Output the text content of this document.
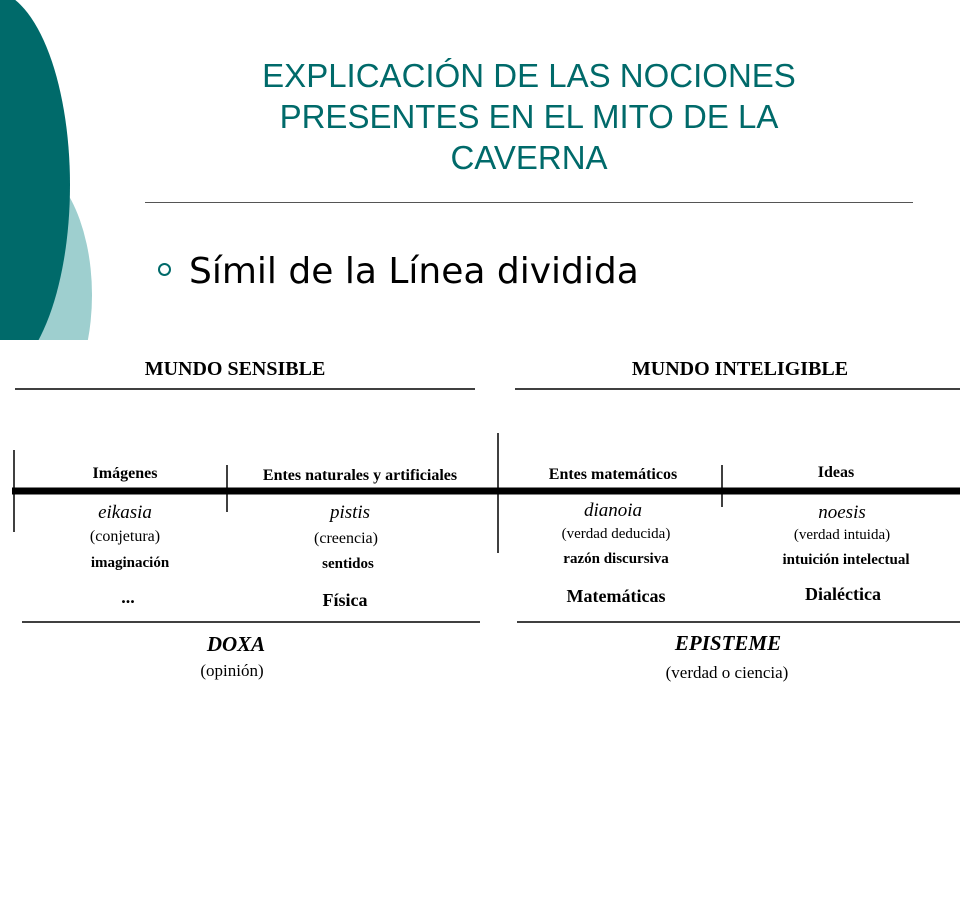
EXPLICACIÓN DE LAS NOCIONES
PRESENTES EN EL MITO DE LA
CAVERNA
Símil de la Línea dividida
MUNDO SENSIBLE	MUNDO INTELIGIBLE
Imágenes
eikasia
(conjetura)
imaginación
...
Entes naturales y artificiales
pistis
(creencia)
sentidos
Física
Entes matemáticos
dianoia
(verdad deducida)
razón discursiva
Matemáticas
Ideas
noesis
(verdad intuida)
intuición intelectual
Dialéctica
DOXA
(opinión)
EPISTEME
(verdad o ciencia)
